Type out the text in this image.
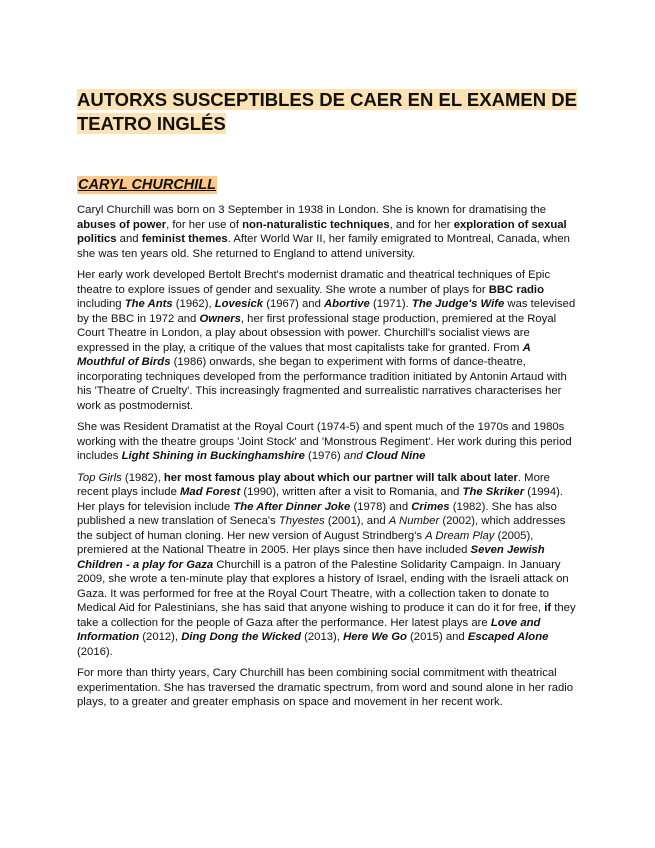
AUTORXS SUSCEPTIBLES DE CAER EN EL EXAMEN DE TEATRO INGLÉS
CARYL CHURCHILL

Caryl Churchill was born on 3 September in 1938 in London. She is known for dramatising the abuses of power, for her use of non-naturalistic techniques, and for her exploration of sexual politics and feminist themes. After World War II, her family emigrated to Montreal, Canada, when she was ten years old. She returned to England to attend university.

Her early work developed Bertolt Brecht's modernist dramatic and theatrical techniques of Epic theatre to explore issues of gender and sexuality. She wrote a number of plays for BBC radio including The Ants (1962), Lovesick (1967) and Abortive (1971). The Judge's Wife was televised by the BBC in 1972 and Owners, her first professional stage production, premiered at the Royal Court Theatre in London, a play about obsession with power. Churchill's socialist views are expressed in the play, a critique of the values that most capitalists take for granted. From A Mouthful of Birds (1986) onwards, she began to experiment with forms of dance-theatre, incorporating techniques developed from the performance tradition initiated by Antonin Artaud with his 'Theatre of Cruelty'. This increasingly fragmented and surrealistic narratives characterises her work as postmodernist.

She was Resident Dramatist at the Royal Court (1974-5) and spent much of the 1970s and 1980s working with the theatre groups 'Joint Stock' and 'Monstrous Regiment'. Her work during this period includes Light Shining in Buckinghamshire (1976) and Cloud Nine

Top Girls (1982), her most famous play about which our partner will talk about later. More recent plays include Mad Forest (1990), written after a visit to Romania, and The Skriker (1994). Her plays for television include The After Dinner Joke (1978) and Crimes (1982). She has also published a new translation of Seneca's Thyestes (2001), and A Number (2002), which addresses the subject of human cloning. Her new version of August Strindberg's A Dream Play (2005), premiered at the National Theatre in 2005. Her plays since then have included Seven Jewish Children - a play for Gaza Churchill is a patron of the Palestine Solidarity Campaign. In January 2009, she wrote a ten-minute play that explores a history of Israel, ending with the Israeli attack on Gaza. It was performed for free at the Royal Court Theatre, with a collection taken to donate to Medical Aid for Palestinians, she has said that anyone wishing to produce it can do it for free, if they take a collection for the people of Gaza after the performance. Her latest plays are Love and Information (2012), Ding Dong the Wicked (2013), Here We Go (2015) and Escaped Alone (2016).

For more than thirty years, Cary Churchill has been combining social commitment with theatrical experimentation. She has traversed the dramatic spectrum, from word and sound alone in her radio plays, to a greater and greater emphasis on space and movement in her recent work.
